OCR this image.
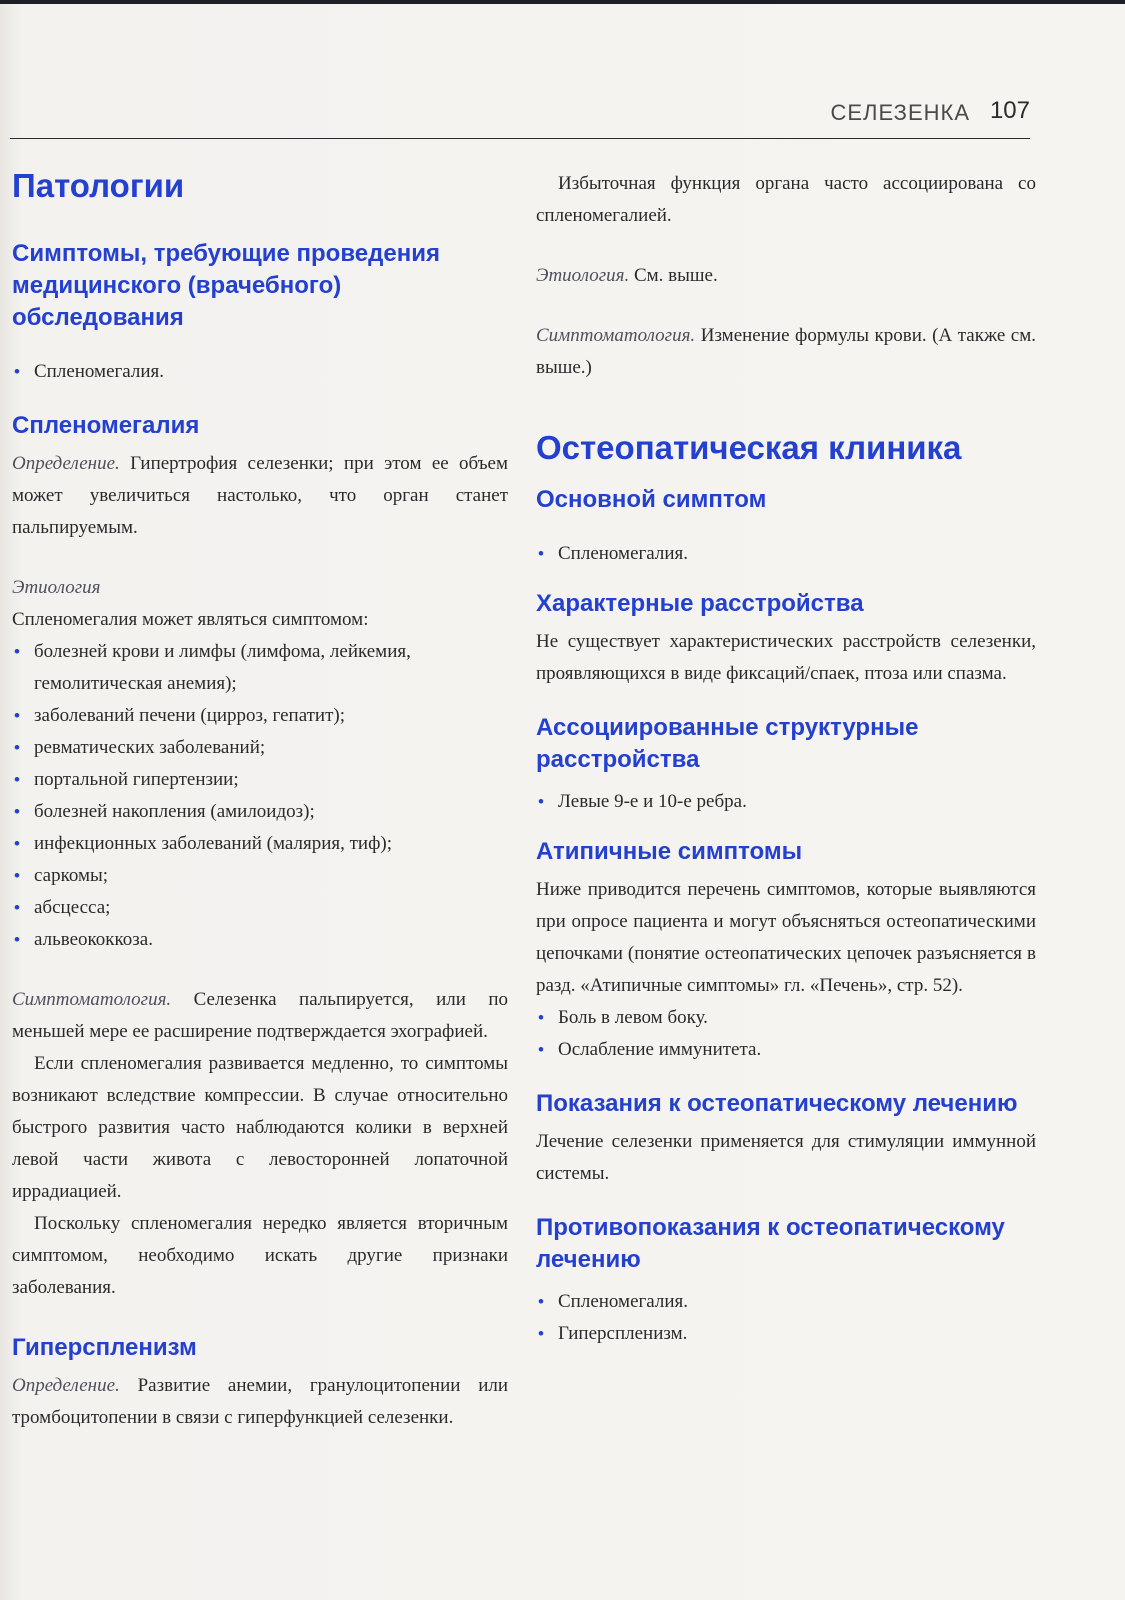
СЕЛЕЗЕНКА 107
Патологии
Симптомы, требующие проведения медицинского (врачебного) обследования
• Спленомегалия.
Спленомегалия

Определение. Гипертрофия селезенки; при этом ее объем может увеличиться настолько, что орган станет пальпируемым.

Этиология

Спленомегалия может являться симптомом:

• болезней крови и лимфы (лимфома, лейкемия, гемолитическая анемия);
• заболеваний печени (цирроз, гепатит);
• ревматических заболеваний;
• портальной гипертензии;
• болезней накопления (амилоидоз);
• инфекционных заболеваний (малярия, тиф);
• саркомы;
• абсцесса;
• альвеококкоза.

Симптоматология. Селезенка пальпируется, или по меньшей мере ее расширение подтверждается эхографией.

Если спленомегалия развивается медленно, то симптомы возникают вследствие компрессии. В случае относительно быстрого развития часто наблюдаются колики в верхней левой части живота с левосторонней лопаточной иррадиацией.

Поскольку спленомегалия нередко является вторичным симптомом, необходимо искать другие признаки заболевания.

Гиперспленизм

Определение. Развитие анемии, гранулоцитопении или тромбоцитопении в связи с гиперфункцией селезенки.

Избыточная функция органа часто ассоциирована со спленомегалией.

Этиология. См. выше.

Симптоматология. Изменение формулы крови. (А также см. выше.)

Остеопатическая клиника
Основной симптом
• Спленомегалия.
Характерные расстройства

Не существует характеристических расстройств селезенки, проявляющихся в виде фиксаций/спаек, птоза или спазма.

Ассоциированные структурные расстройства
• Левые 9-е и 10-е ребра.
Атипичные симптомы

Ниже приводится перечень симптомов, которые выявляются при опросе пациента и могут объясняться остеопатическими цепочками (понятие остеопатических цепочек разъясняется в разд. «Атипичные симптомы» гл. «Печень», стр. 52).

• Боль в левом боку.
• Ослабление иммунитета.
Показания к остеопатическому лечению

Лечение селезенки применяется для стимуляции иммунной системы.

Противопоказания к остеопатическому лечению
• Спленомегалия.
• Гиперспленизм.
